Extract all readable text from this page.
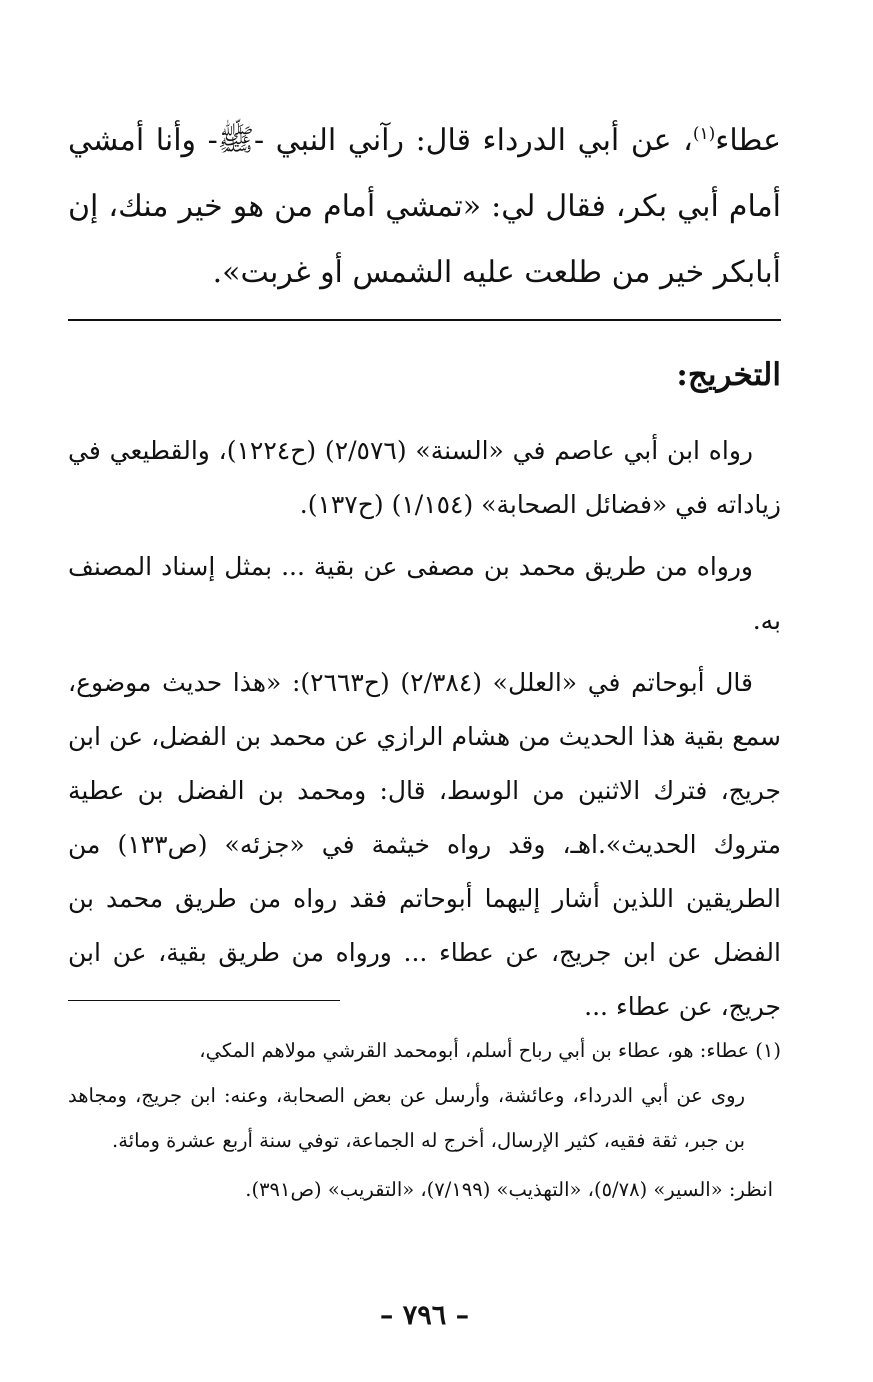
عطاء$^{(١)}$، عن أبي الدرداء قال: رآني النبي -ﷺ- وأنا أمشي أمام أبي بكر، فقال لي: «تمشي أمام من هو خير منك، إن أبابكر خير من طلعت عليه الشمس أو غربت».

التخريج:

رواه ابن أبي عاصم في «السنة» (٢/٥٧٦) (ح١٢٢٤)، والقطيعي في زياداته في «فضائل الصحابة» (١/١٥٤) (ح١٣٧).

ورواه من طريق محمد بن مصفى عن بقية ... بمثل إسناد المصنف به.

قال أبوحاتم في «العلل» (٢/٣٨٤) (ح٢٦٦٣): «هذا حديث موضوع، سمع بقية هذا الحديث من هشام الرازي عن محمد بن الفضل، عن ابن جريج، فترك الاثنين من الوسط، قال: ومحمد بن الفضل بن عطية متروك الحديث».اهـ، وقد رواه خيثمة في «جزئه» (ص١٣٣) من الطريقين اللذين أشار إليهما أبوحاتم فقد رواه من طريق محمد بن الفضل عن ابن جريج، عن عطاء ... ورواه من طريق بقية، عن ابن جريج، عن عطاء ...

(١) عطاء: هو، عطاء بن أبي رباح أسلم، أبومحمد القرشي مولاهم المكي،

روى عن أبي الدرداء، وعائشة، وأرسل عن بعض الصحابة، وعنه: ابن جريج، ومجاهد بن جبر، ثقة فقيه، كثير الإرسال، أخرج له الجماعة، توفي سنة أربع عشرة ومائة.

انظر: «السير» (٥/٧٨)، «التهذيب» (٧/١٩٩)، «التقريب» (ص٣٩١).

– ٧٩٦ –
